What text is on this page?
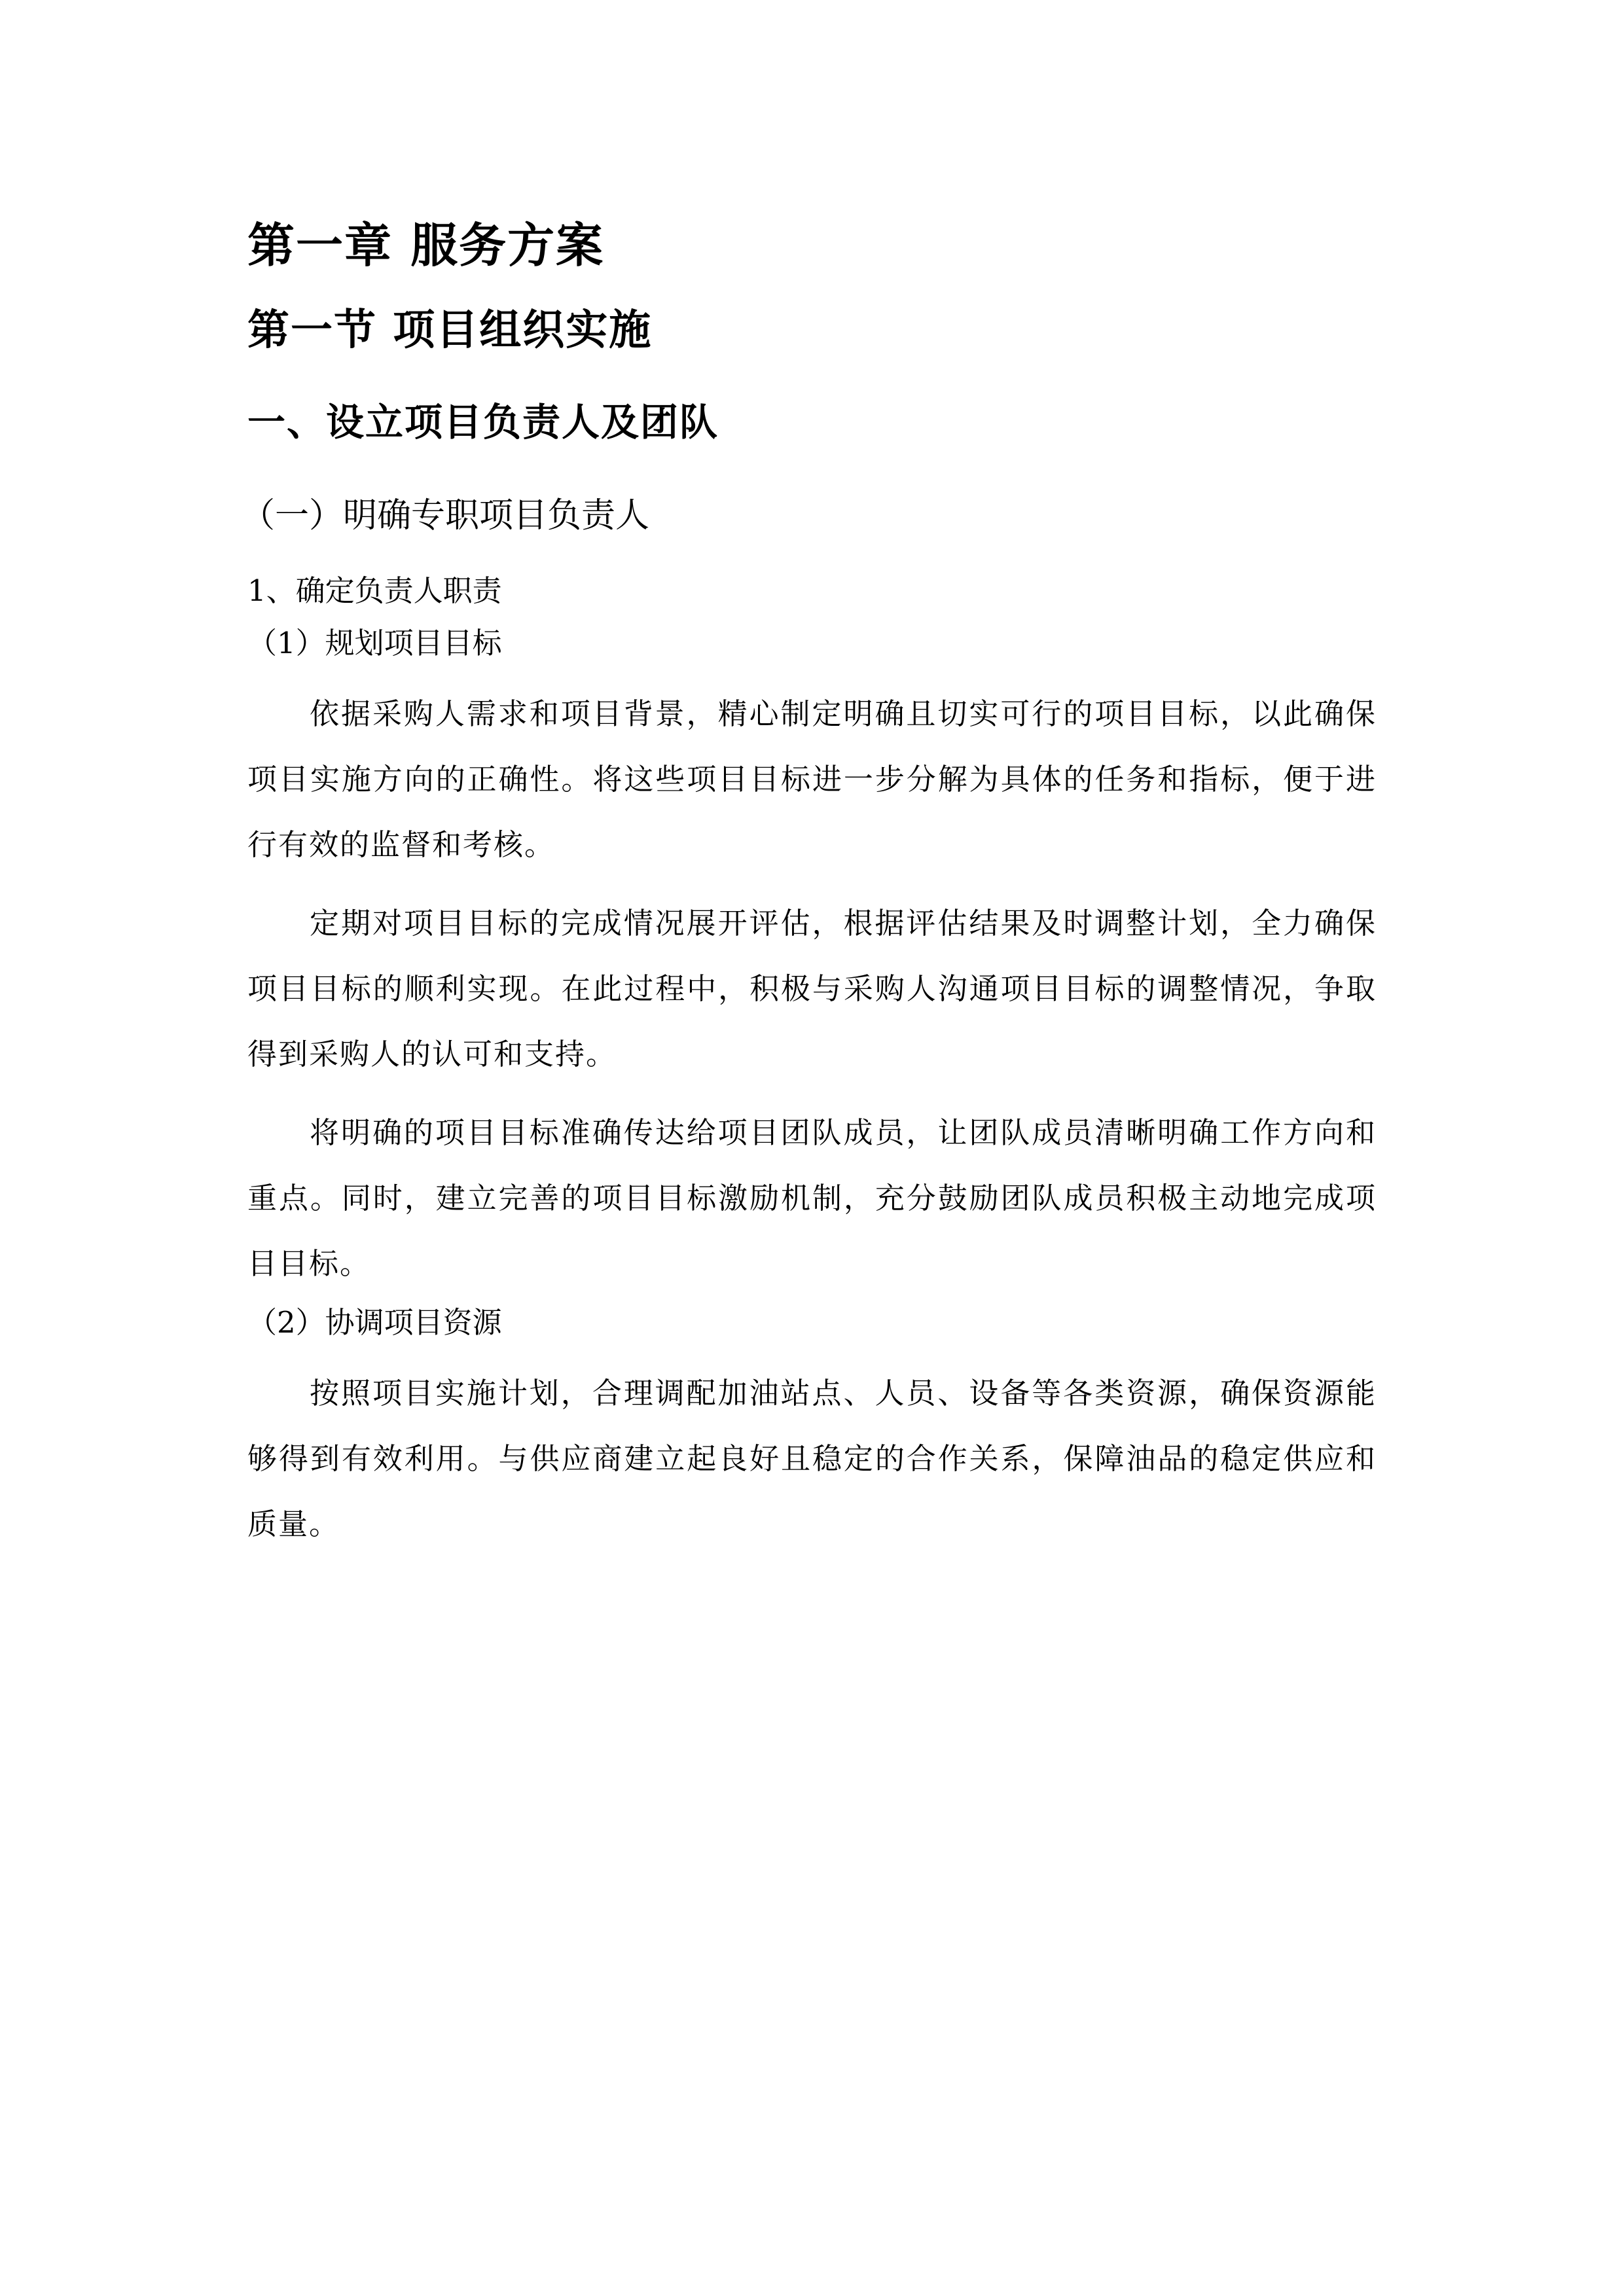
第一章 服务方案
第一节 项目组织实施
一、设立项目负责人及团队
（一）明确专职项目负责人
1、确定负责人职责
（1）规划项目目标

依据采购人需求和项目背景，精心制定明确且切实可行的项目目标，以此确保项目实施方向的正确性。将这些项目目标进一步分解为具体的任务和指标，便于进行有效的监督和考核。

定期对项目目标的完成情况展开评估，根据评估结果及时调整计划，全力确保项目目标的顺利实现。在此过程中，积极与采购人沟通项目目标的调整情况，争取得到采购人的认可和支持。

将明确的项目目标准确传达给项目团队成员，让团队成员清晰明确工作方向和重点。同时，建立完善的项目目标激励机制，充分鼓励团队成员积极主动地完成项目目标。

（2）协调项目资源

按照项目实施计划，合理调配加油站点、人员、设备等各类资源，确保资源能够得到有效利用。与供应商建立起良好且稳定的合作关系，保障油品的稳定供应和质量。
